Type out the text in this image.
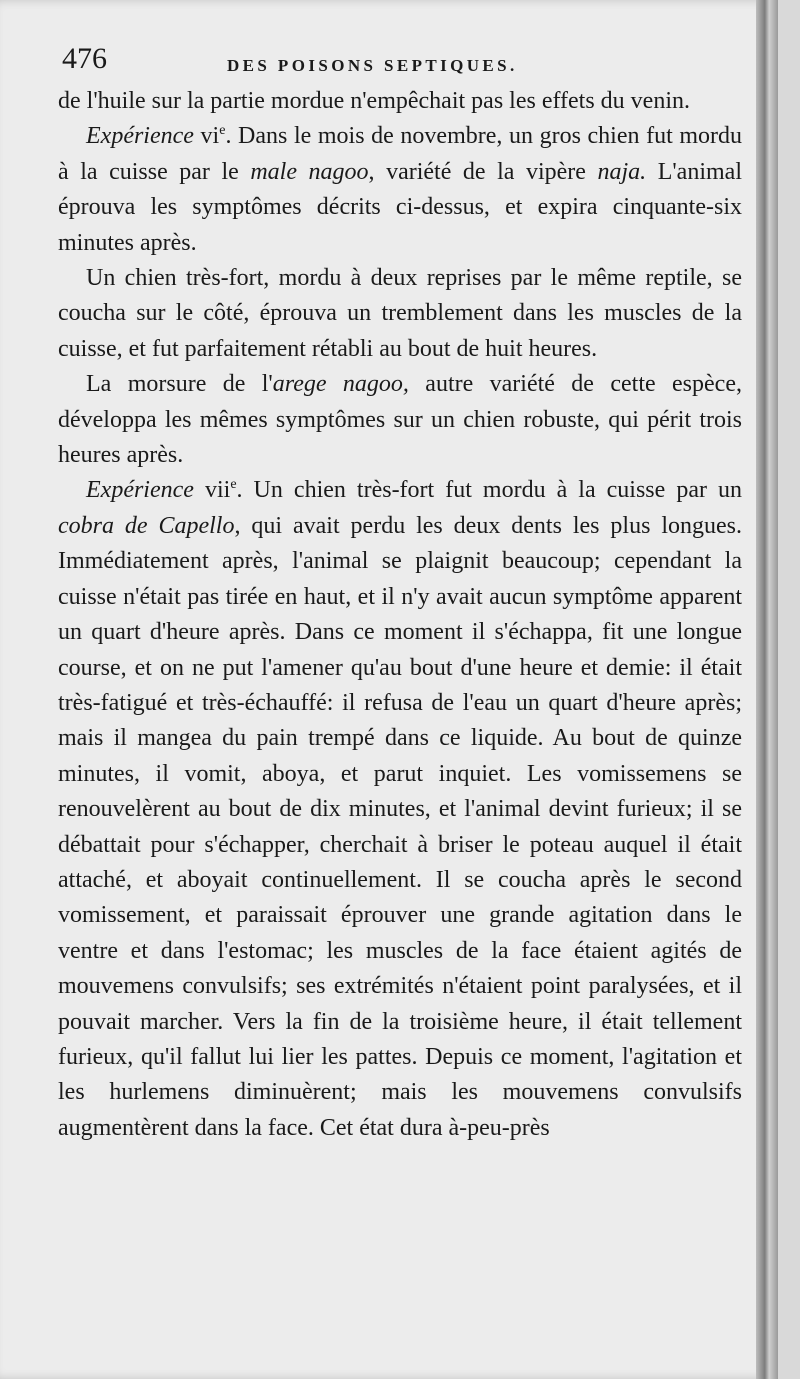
476	DES POISONS SEPTIQUES.

de l'huile sur la partie mordue n'empêchait pas les effets du venin.

Expérience $vi^e$. Dans le mois de novembre, un gros chien fut mordu à la cuisse par le male nagoo, variété de la vipère naja. L'animal éprouva les symptômes décrits ci-dessus, et expira cinquante-six minutes après.

Un chien très-fort, mordu à deux reprises par le même reptile, se coucha sur le côté, éprouva un tremblement dans les muscles de la cuisse, et fut parfaitement rétabli au bout de huit heures.

La morsure de l'arege nagoo, autre variété de cette espèce, développa les mêmes symptômes sur un chien robuste, qui périt trois heures après.

Expérience vii$^e$. Un chien très-fort fut mordu à la cuisse par un cobra de Capello, qui avait perdu les deux dents les plus longues. Immédiatement après, l'animal se plaignit beaucoup; cependant la cuisse n'était pas tirée en haut, et il n'y avait aucun symptôme apparent un quart d'heure après. Dans ce moment il s'échappa, fit une longue course, et on ne put l'amener qu'au bout d'une heure et demie: il était très-fatigué et très-échauffé: il refusa de l'eau un quart d'heure après; mais il mangea du pain trempé dans ce liquide. Au bout de quinze minutes, il vomit, aboya, et parut inquiet. Les vomissemens se renouvelèrent au bout de dix minutes, et l'animal devint furieux; il se débattait pour s'échapper, cherchait à briser le poteau auquel il était attaché, et aboyait continuellement. Il se coucha après le second vomissement, et paraissait éprouver une grande agitation dans le ventre et dans l'estomac; les muscles de la face étaient agités de mouvemens convulsifs; ses extrémités n'étaient point paralysées, et il pouvait marcher. Vers la fin de la troisième heure, il était tellement furieux, qu'il fallut lui lier les pattes. Depuis ce moment, l'agitation et les hurlemens diminuèrent; mais les mouvemens convulsifs augmentèrent dans la face. Cet état dura à-peu-près
